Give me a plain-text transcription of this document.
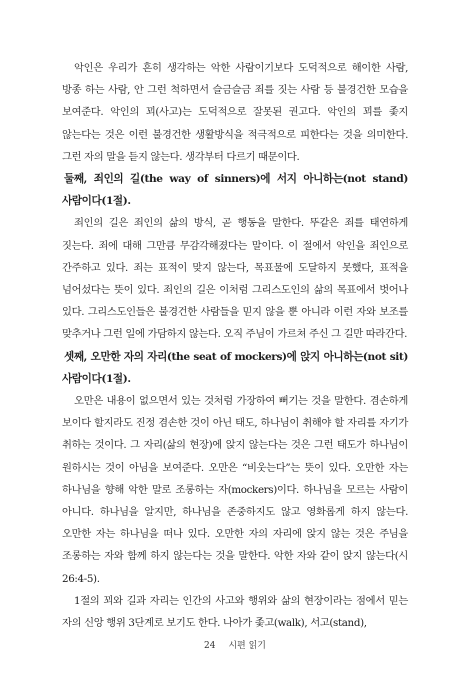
악인은 우리가 흔히 생각하는 악한 사람이기보다 도덕적으로 해이한 사람, 방종 하는 사람, 안 그런 척하면서 슬금슬금 죄를 짓는 사람 등 불경건한 모습을 보여준다. 악인의 꾀(사고)는 도덕적으로 잘못된 권고다. 악인의 꾀를 좇지 않는다는 것은 이런 불경건한 생활방식을 적극적으로 피한다는 것을 의미한다. 그런 자의 말을 듣지 않는다. 생각부터 다르기 때문이다.

둘째, 죄인의 길(the way of sinners)에 서지 아니하는(not stand) 사람이다(1절).

죄인의 길은 죄인의 삶의 방식, 곧 행동을 말한다. 뚜같은 죄를 태연하게 짓는다. 죄에 대해 그만큼 무감각해졌다는 말이다. 이 절에서 악인을 죄인으로 간주하고 있다. 죄는 표적이 맞지 않는다, 목표물에 도달하지 못했다, 표적을 넘어섰다는 뜻이 있다. 죄인의 길은 이처럼 그리스도인의 삶의 목표에서 벗어나 있다. 그리스도인들은 불경건한 사람들을 믿지 않을 뿐 아니라 이런 자와 보조를 맞추거나 그런 일에 가담하지 않는다. 오직 주님이 가르쳐 주신 그 길만 따라간다.

셋째, 오만한 자의 자리(the seat of mockers)에 앉지 아니하는(not sit) 사람이다(1절).

오만은 내용이 없으면서 있는 것처럼 가장하여 뻐기는 것을 말한다. 겸손하게 보이다 할지라도 진정 겸손한 것이 아닌 태도, 하나님이 취해야 할 자리를 자기가 취하는 것이다. 그 자리(삶의 현장)에 앉지 않는다는 것은 그런 태도가 하나님이 원하시는 것이 아님을 보여준다. 오만은 “비웃는다”는 뜻이 있다. 오만한 자는 하나님을 향해 악한 말로 조롱하는 자(mockers)이다. 하나님을 모르는 사람이 아니다. 하나님을 알지만, 하나님을 존중하지도 않고 영화롭게 하지 않는다. 오만한 자는 하나님을 떠나 있다. 오만한 자의 자리에 앉지 않는 것은 주님을 조롱하는 자와 함께 하지 않는다는 것을 말한다. 악한 자와 같이 앉지 않는다(시 26:4-5).

1절의 꾀와 길과 자리는 인간의 사고와 행위와 삶의 현장이라는 점에서 믿는 자의 신앙 행위 3단계로 보기도 한다. 나아가 좇고(walk), 서고(stand),

24 시편 읽기
